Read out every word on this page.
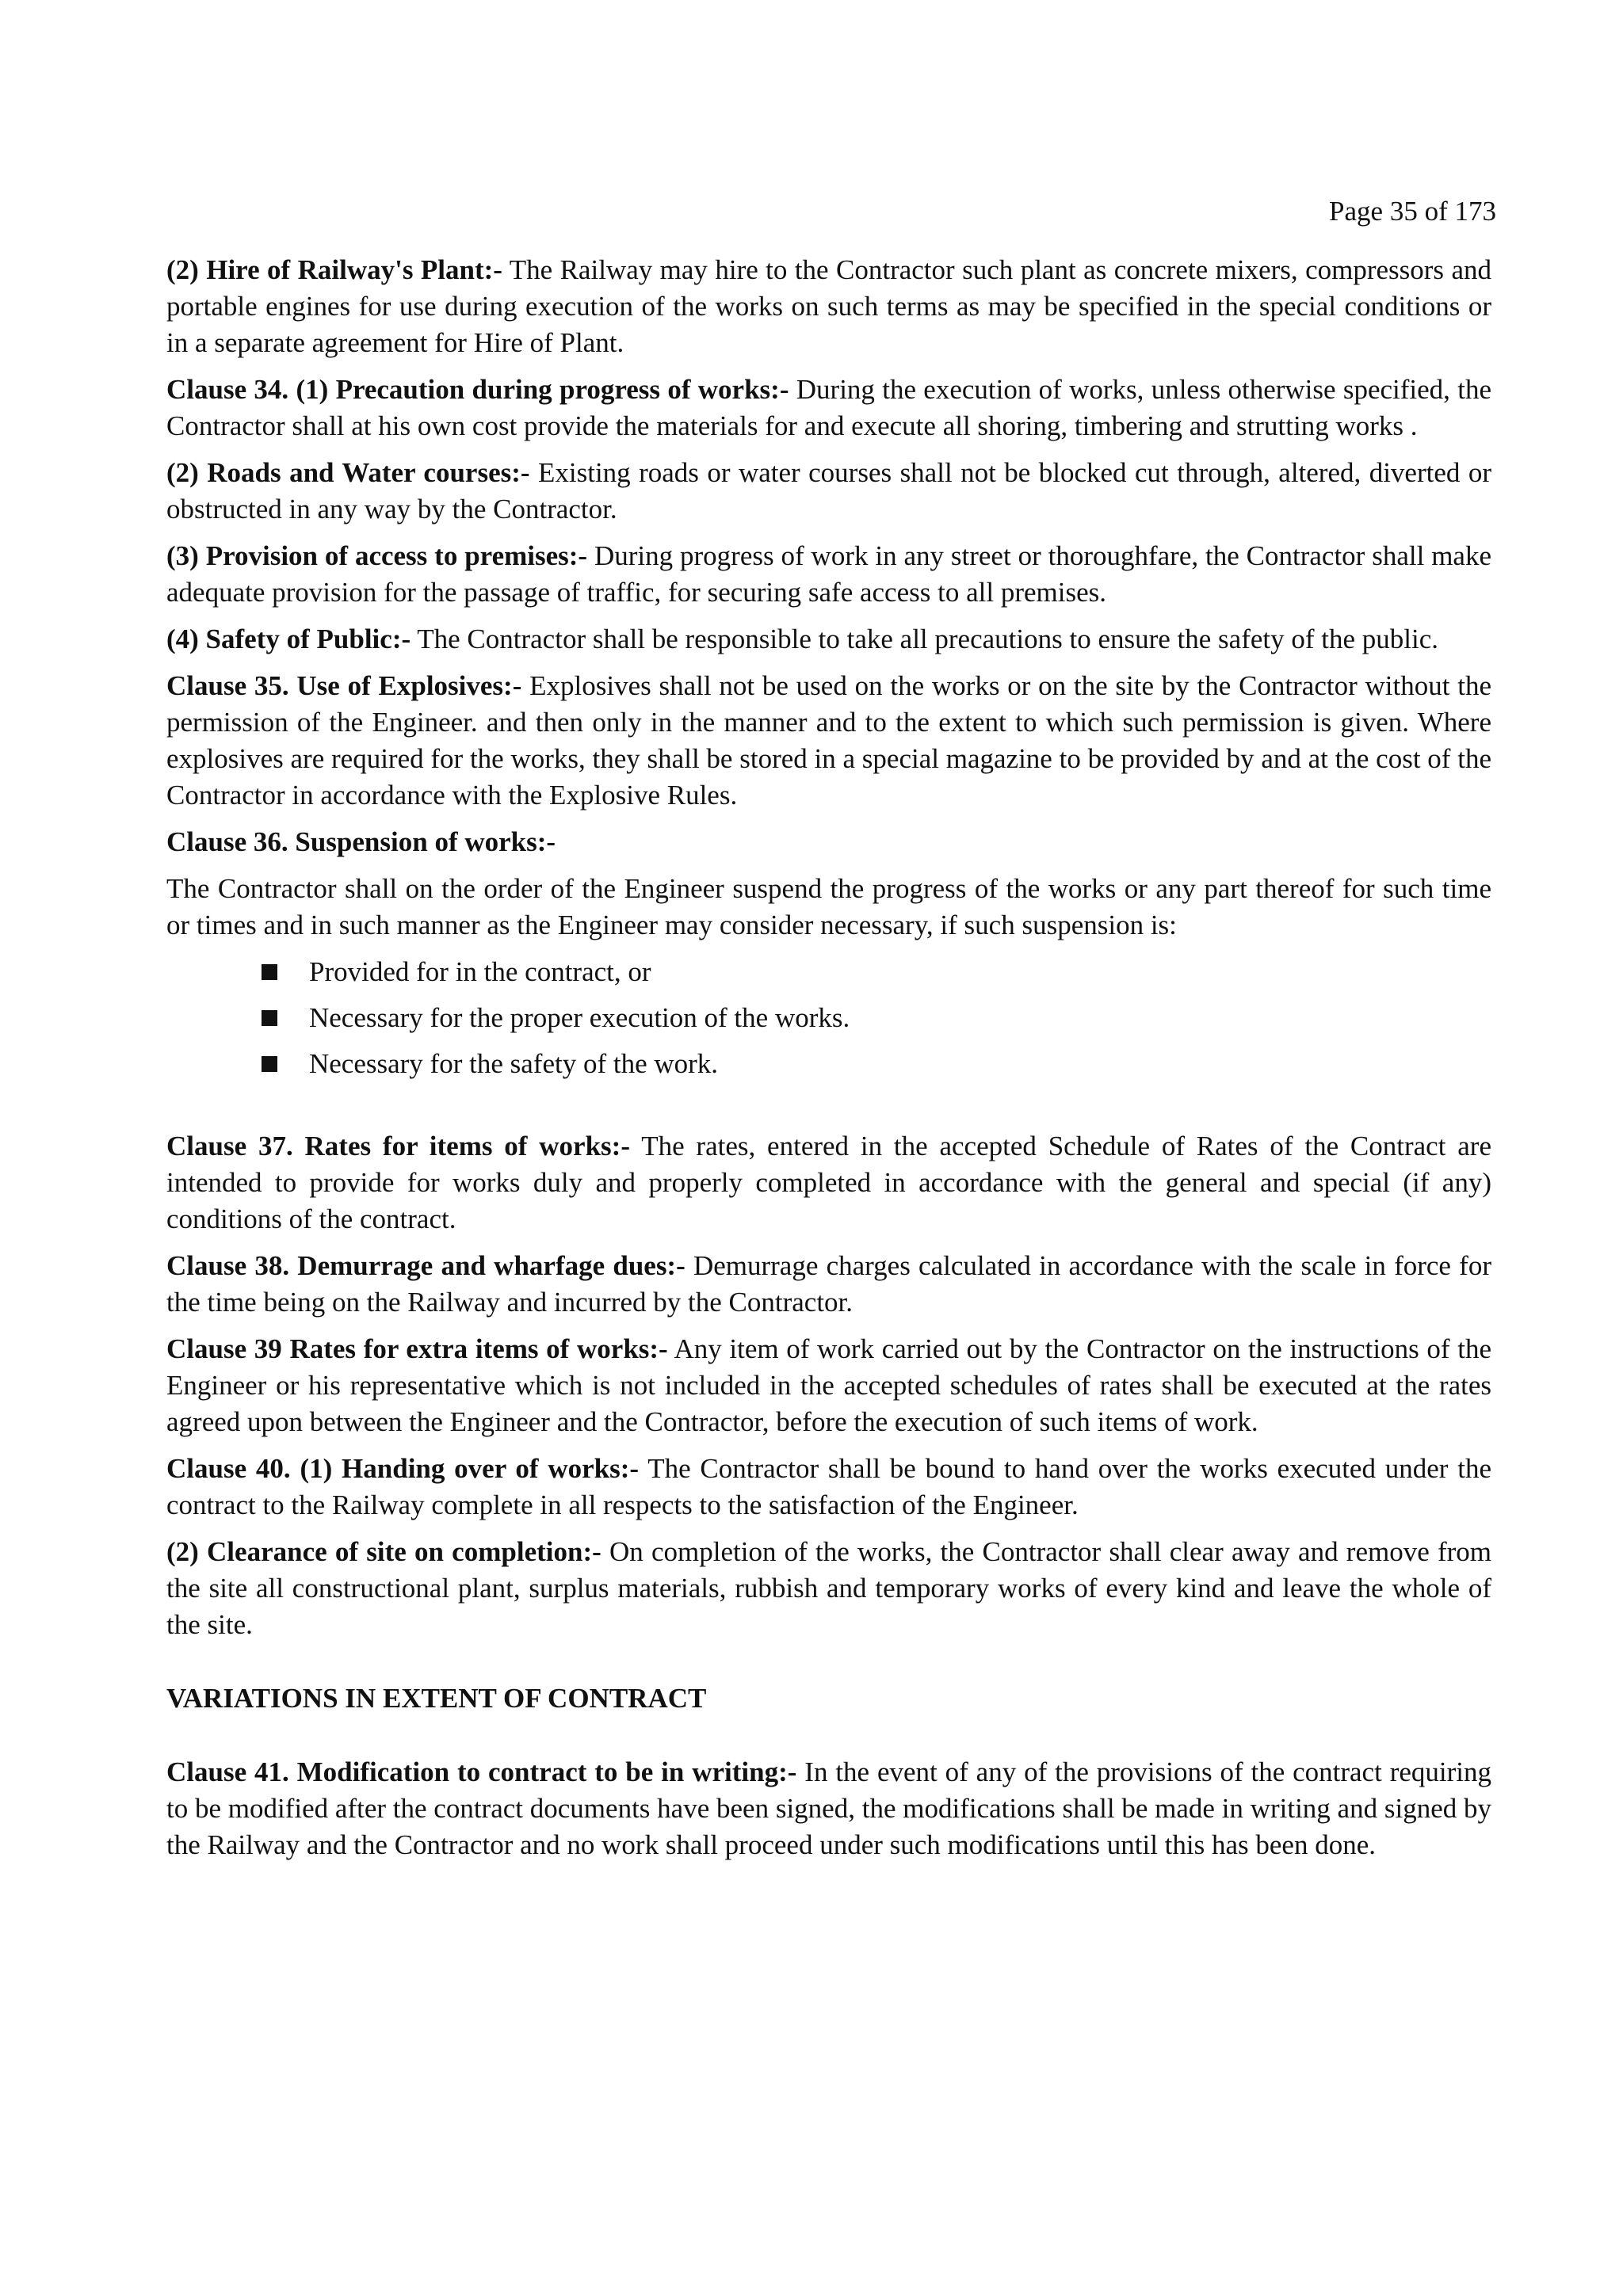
Page 35 of 173

(2) Hire of Railway's Plant:- The Railway may hire to the Contractor such plant as concrete mixers, compressors and portable engines for use during execution of the works on such terms as may be specified in the special conditions or in a separate agreement for Hire of Plant.

Clause 34. (1) Precaution during progress of works:- During the execution of works, unless otherwise specified, the Contractor shall at his own cost provide the materials for and execute all shoring, timbering and strutting works .

(2) Roads and Water courses:- Existing roads or water courses shall not be blocked cut through, altered, diverted or obstructed in any way by the Contractor.

(3) Provision of access to premises:- During progress of work in any street or thoroughfare, the Contractor shall make adequate provision for the passage of traffic, for securing safe access to all premises.

(4) Safety of Public:- The Contractor shall be responsible to take all precautions to ensure the safety of the public.

Clause 35. Use of Explosives:- Explosives shall not be used on the works or on the site by the Contractor without the permission of the Engineer. and then only in the manner and to the extent to which such permission is given. Where explosives are required for the works, they shall be stored in a special magazine to be provided by and at the cost of the Contractor in accordance with the Explosive Rules.

Clause 36. Suspension of works:-

The Contractor shall on the order of the Engineer suspend the progress of the works or any part thereof for such time or times and in such manner as the Engineer may consider necessary, if such suspension is:

Provided for in the contract, or
Necessary for the proper execution of the works.
Necessary for the safety of the work.

Clause 37. Rates for items of works:- The rates, entered in the accepted Schedule of Rates of the Contract are intended to provide for works duly and properly completed in accordance with the general and special (if any) conditions of the contract.

Clause 38. Demurrage and wharfage dues:- Demurrage charges calculated in accordance with the scale in force for the time being on the Railway and incurred by the Contractor.

Clause 39 Rates for extra items of works:- Any item of work carried out by the Contractor on the instructions of the Engineer or his representative which is not included in the accepted schedules of rates shall be executed at the rates agreed upon between the Engineer and the Contractor, before the execution of such items of work.

Clause 40. (1) Handing over of works:- The Contractor shall be bound to hand over the works executed under the contract to the Railway complete in all respects to the satisfaction of the Engineer.

(2) Clearance of site on completion:- On completion of the works, the Contractor shall clear away and remove from the site all constructional plant, surplus materials, rubbish and temporary works of every kind and leave the whole of the site.

VARIATIONS IN EXTENT OF CONTRACT

Clause 41. Modification to contract to be in writing:- In the event of any of the provisions of the contract requiring to be modified after the contract documents have been signed, the modifications shall be made in writing and signed by the Railway and the Contractor and no work shall proceed under such modifications until this has been done.
